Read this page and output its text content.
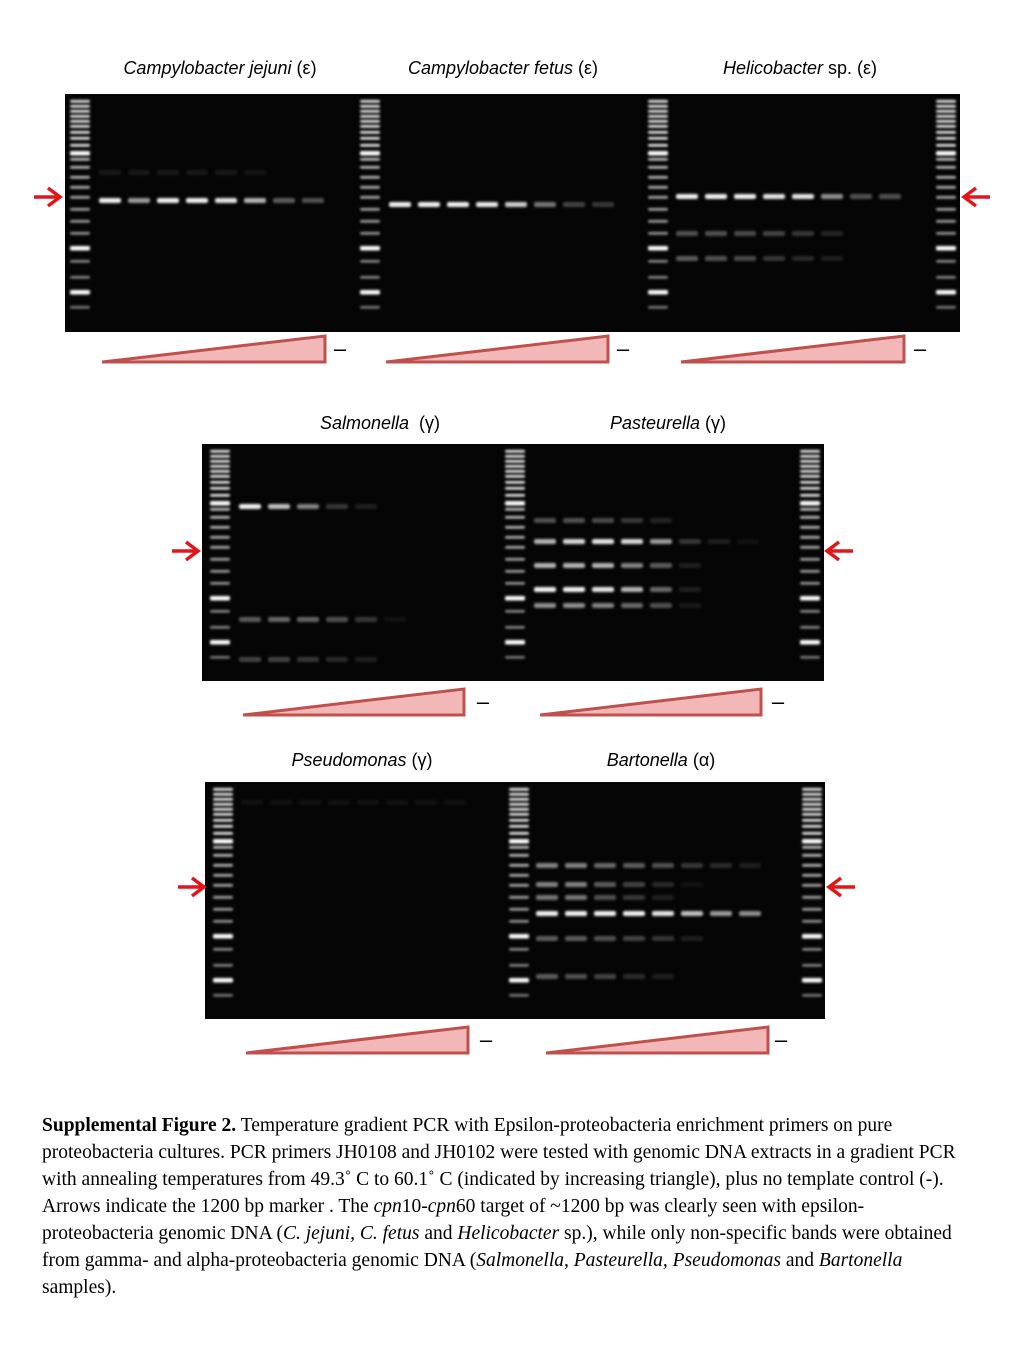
Campylobacter jejuni (ε)	Campylobacter fetus (ε)	Helicobacter sp. (ε)
Salmonella (γ)	Pasteurella (γ)
Pseudomonas (γ)	Bartonella (α)
–	–	–
–	–
–	–
Supplemental Figure 2. Temperature gradient PCR with Epsilon-proteobacteria enrichment primers on pure proteobacteria cultures. PCR primers JH0108 and JH0102 were tested with genomic DNA extracts in a gradient PCR with annealing temperatures from 49.3˚ C to 60.1˚ C (indicated by increasing triangle), plus no template control (-). Arrows indicate the 1200 bp marker . The cpn10-cpn60 target of ~1200 bp was clearly seen with epsilon-proteobacteria genomic DNA (C. jejuni, C. fetus and Helicobacter sp.), while only non-specific bands were obtained from gamma- and alpha-proteobacteria genomic DNA (Salmonella, Pasteurella, Pseudomonas and Bartonella samples).
